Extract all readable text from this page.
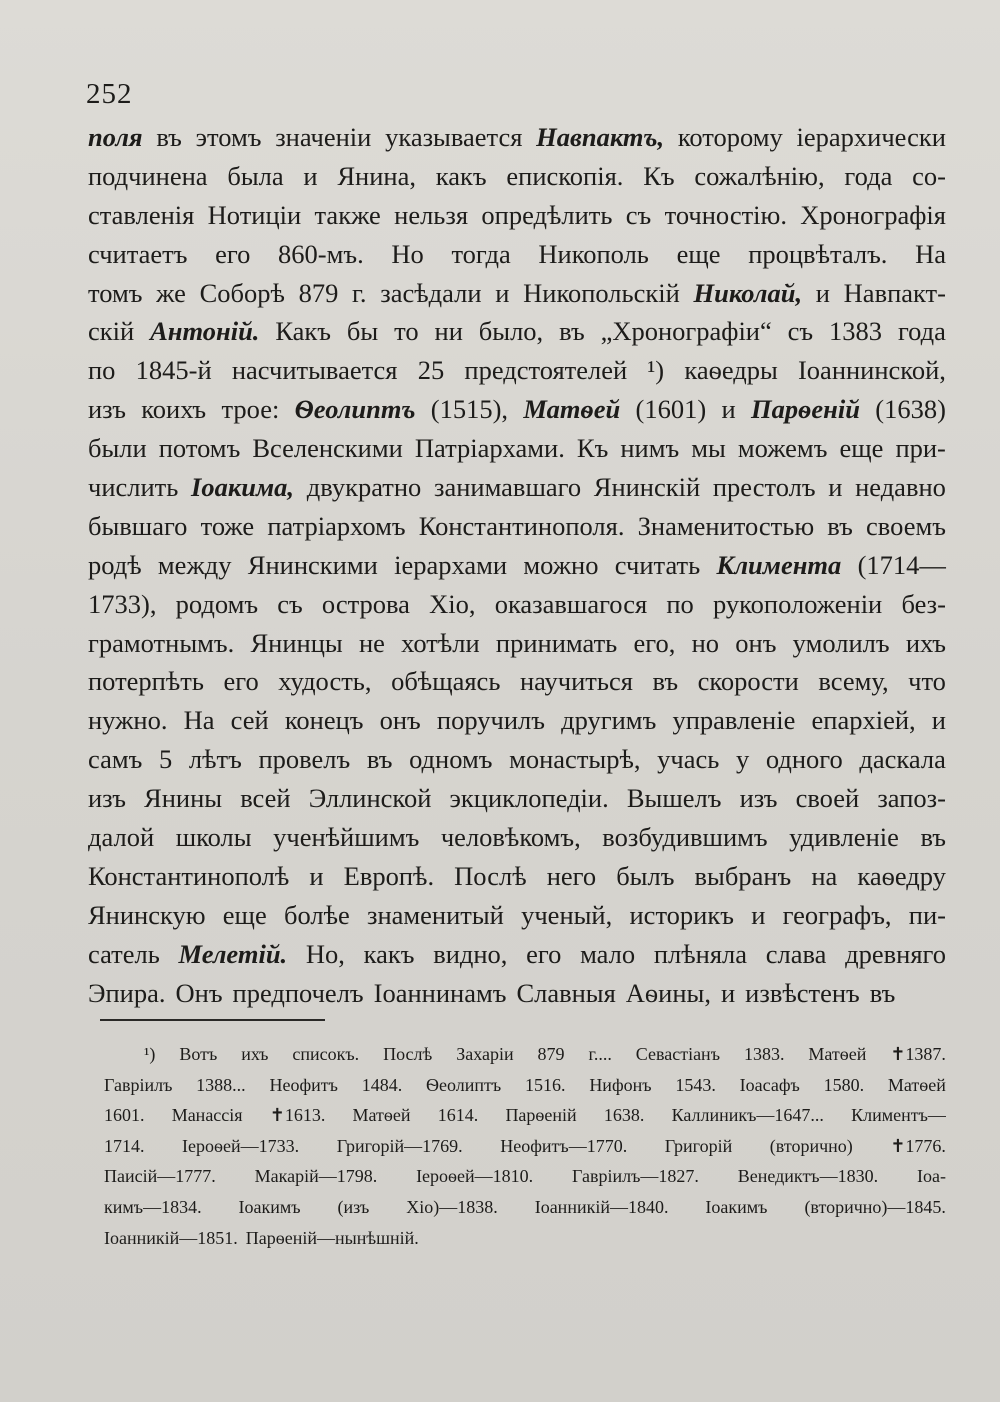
252
поля въ этомъ значеніи указывается Навпактъ, которому іерархически
подчинена была и Янина, какъ епископія. Къ сожалѣнію, года со-
ставленія Нотиціи также нельзя опредѣлить съ точностію. Хронографія
считаетъ его 860-мъ. Но тогда Никополь еще процвѣталъ. На
томъ же Соборѣ 879 г. засѣдали и Никопольскій Николай, и Навпакт-
скій Антоній. Какъ бы то ни было, въ „Хронографіи“ съ 1383 года
по 1845-й насчитывается 25 предстоятелей ¹) каѳедры Іоаннинской,
изъ коихъ трое: Ѳеолиптъ (1515), Матѳей (1601) и Парѳеній (1638)
были потомъ Вселенскими Патріархами. Къ нимъ мы можемъ еще при-
числить Іоакима, двукратно занимавшаго Янинскій престолъ и недавно
бывшаго тоже патріархомъ Константинополя. Знаменитостью въ своемъ
родѣ между Янинскими іерархами можно считать Климента (1714—
1733), родомъ съ острова Хіо, оказавшагося по рукоположеніи без-
грамотнымъ. Янинцы не хотѣли принимать его, но онъ умолилъ ихъ
потерпѣть его худость, обѣщаясь научиться въ скорости всему, что
нужно. На сей конецъ онъ поручилъ другимъ управленіе епархіей, и
самъ 5 лѣтъ провелъ въ одномъ монастырѣ, учась у одного даскала
изъ Янины всей Эллинской экциклопедіи. Вышелъ изъ своей запоз-
далой школы ученѣйшимъ человѣкомъ, возбудившимъ удивленіе въ
Константинополѣ и Европѣ. Послѣ него былъ выбранъ на каѳедру
Янинскую еще болѣе знаменитый ученый, историкъ и географъ, пи-
сатель Мелетій. Но, какъ видно, его мало плѣняла слава древняго
Эпира. Онъ предпочелъ Іоаннинамъ Славныя Аѳины, и извѣстенъ въ
¹) Вотъ ихъ списокъ. Послѣ Захаріи 879 г.... Севастіанъ 1383. Матѳей ✝1387.
Гавріилъ 1388... Неофитъ 1484. Ѳеолиптъ 1516. Нифонъ 1543. Іоасафъ 1580. Матѳей
1601. Манассія ✝1613. Матѳей 1614. Парѳеній 1638. Каллиникъ—1647... Климентъ—
1714. Іероѳей—1733. Григорій—1769. Неофитъ—1770. Григорій (вторично) ✝1776.
Паисій—1777. Макарій—1798. Іероѳей—1810. Гавріилъ—1827. Венедиктъ—1830. Іоа-
кимъ—1834. Іоакимъ (изъ Хіо)—1838. Іоанникій—1840. Іоакимъ (вторично)—1845.
Іоанникій—1851. Парѳеній—нынѣшній.
